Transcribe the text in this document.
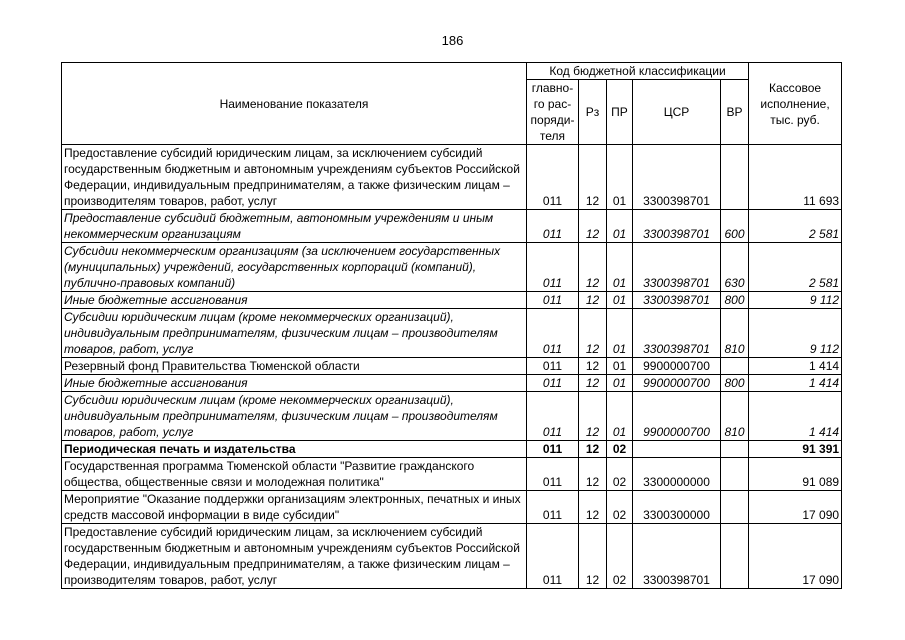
186
Наименование показателя	Код бюджетной классификации					Кассовое
исполнение,
тыс. руб.

	главно-
го рас-
поряди-
теля	Рз	ПР	ЦСР	ВР	
Предоставление субсидий юридическим лицам, за исключением субсидий государственным бюджетным и автономным учреждениям субъектов Российской Федерации, индивидуальным предпринимателям, а также физическим лицам – производителям товаров, работ, услуг	011	12	01	3300398701		11 693
Предоставление субсидий бюджетным, автономным учреждениям и иным некоммерческим организациям	011	12	01	3300398701	600	2 581
Субсидии некоммерческим организациям (за исключением государственных (муниципальных) учреждений, государственных корпораций (компаний), публично-правовых компаний)	011	12	01	3300398701	630	2 581
Иные бюджетные ассигнования	011	12	01	3300398701	800	9 112
Субсидии юридическим лицам (кроме некоммерческих организаций), индивидуальным предпринимателям, физическим лицам – производителям товаров, работ, услуг	011	12	01	3300398701	810	9 112
Резервный фонд Правительства Тюменской области	011	12	01	9900000700		1 414
Иные бюджетные ассигнования	011	12	01	9900000700	800	1 414
Субсидии юридическим лицам (кроме некоммерческих организаций), индивидуальным предпринимателям, физическим лицам – производителям товаров, работ, услуг	011	12	01	9900000700	810	1 414
Периодическая печать и издательства	011	12	02			91 391
Государственная программа Тюменской области "Развитие гражданского общества, общественные связи и молодежная политика"	011	12	02	3300000000		91 089
Мероприятие "Оказание поддержки организациям электронных, печатных и иных средств массовой информации в виде субсидии"	011	12	02	3300300000		17 090
Предоставление субсидий юридическим лицам, за исключением субсидий государственным бюджетным и автономным учреждениям субъектов Российской Федерации, индивидуальным предпринимателям, а также физическим лицам – производителям товаров, работ, услуг	011	12	02	3300398701		17 090
